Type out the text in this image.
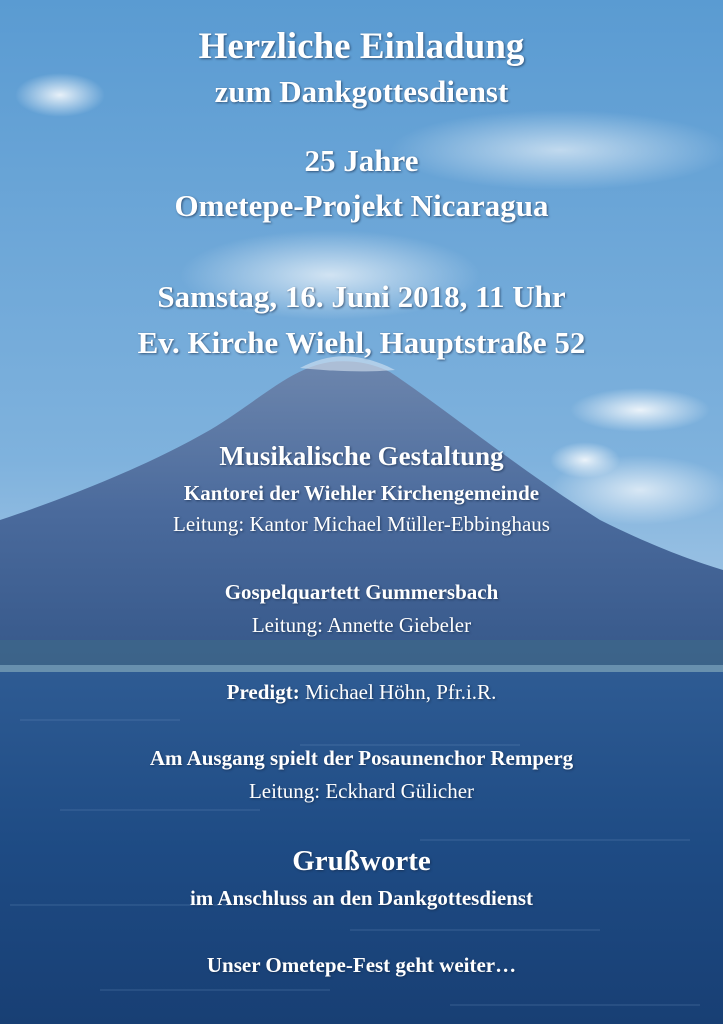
Herzliche Einladung
zum Dankgottesdienst
25 Jahre
Ometepe-Projekt Nicaragua
Samstag, 16. Juni 2018, 11 Uhr
Ev. Kirche Wiehl, Hauptstraße 52
Musikalische Gestaltung
Kantorei der Wiehler Kirchengemeinde
Leitung: Kantor Michael Müller-Ebbinghaus
Gospelquartett Gummersbach
Leitung: Annette Giebeler
Predigt: Michael Höhn, Pfr.i.R.
Am Ausgang spielt der Posaunenchor Remperg
Leitung: Eckhard Gülicher
Grußworte
im Anschluss an den Dankgottesdienst
Unser Ometepe-Fest geht weiter…
